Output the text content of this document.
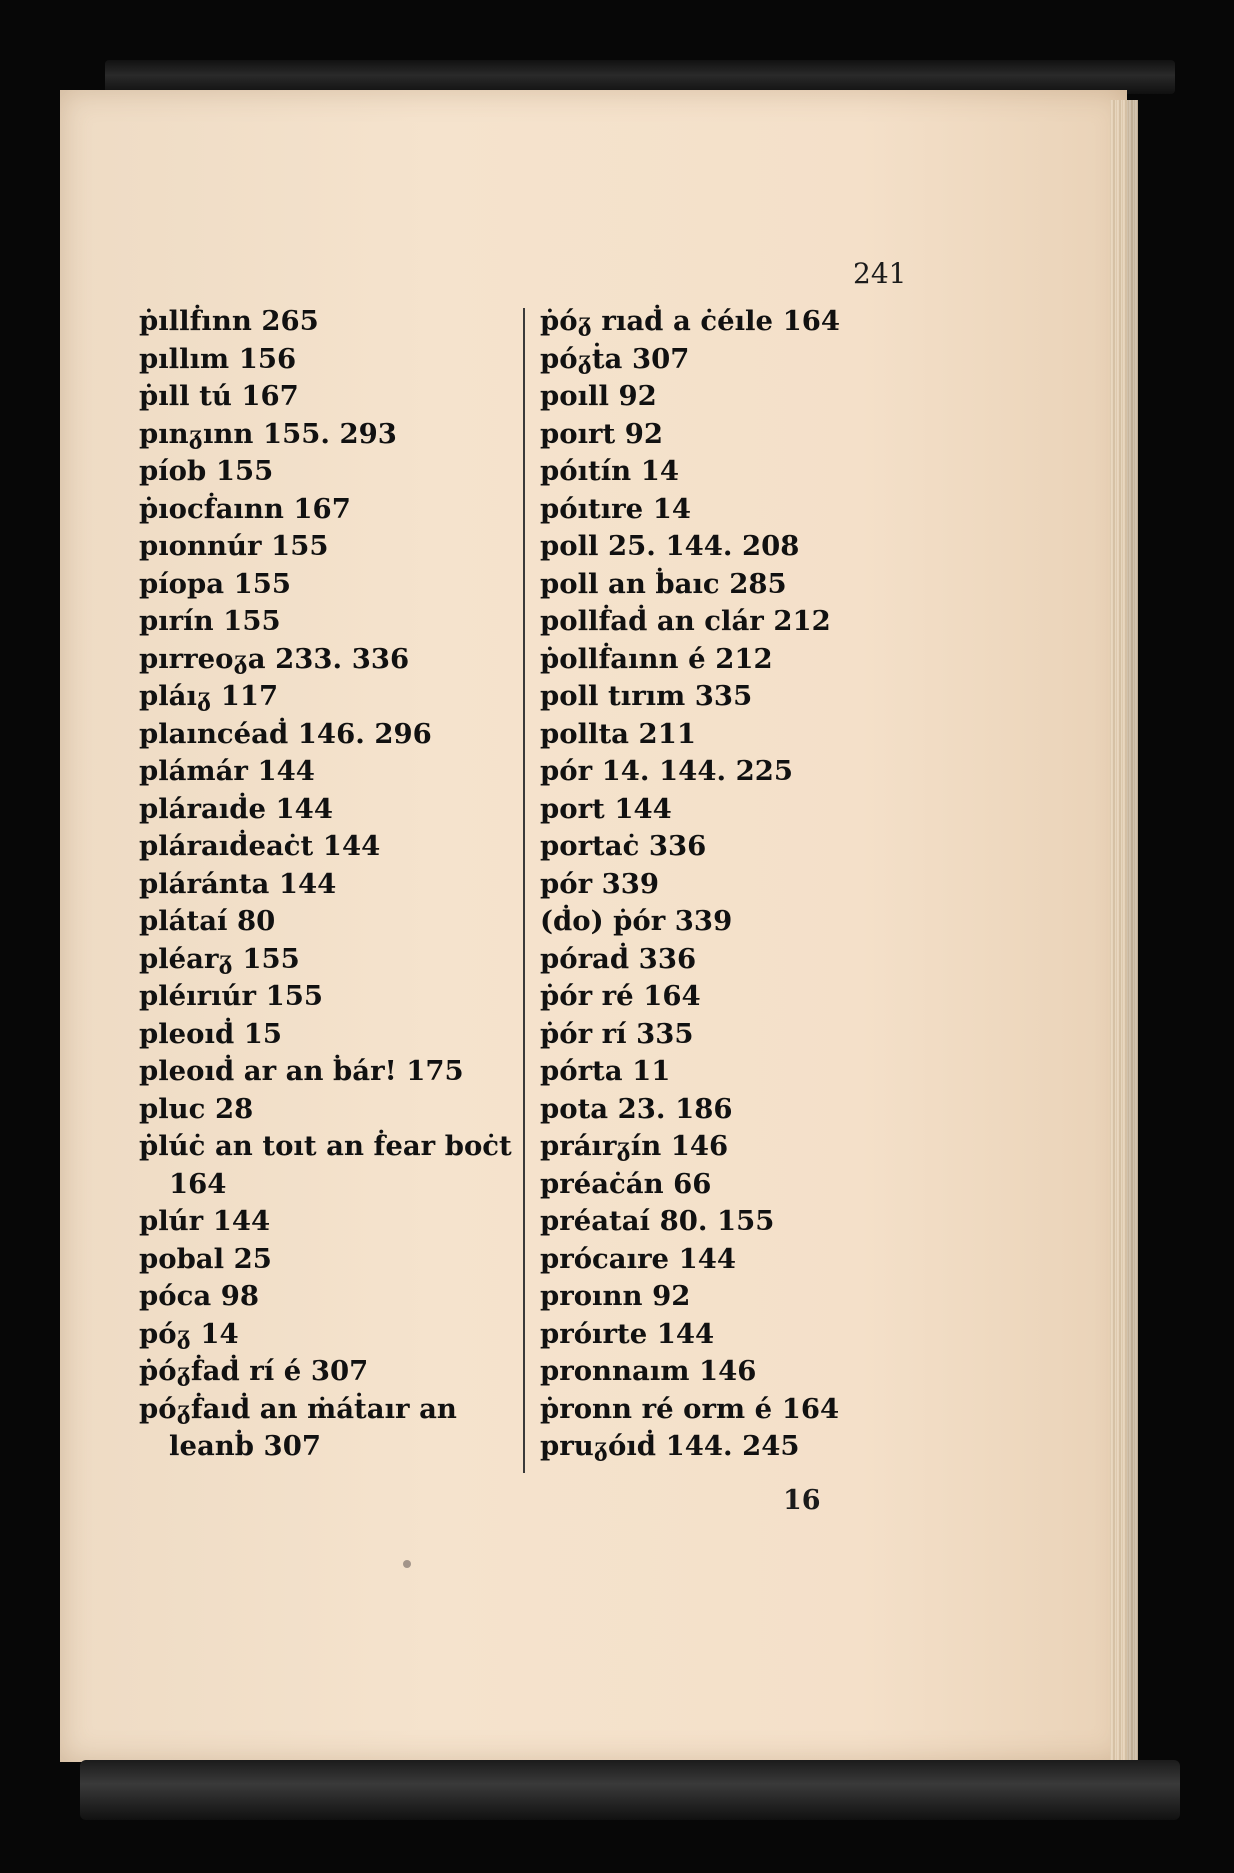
241
ṗıllḟınn 265
pıllım 156
ṗıll tú 167
pınᵹınn 155. 293
píob 155
ṗıocḟaınn 167
pıonnúr 155
píopa 155
pırín 155
pırreoᵹa 233. 336
pláıᵹ 117
plaıncéaḋ 146. 296
plámár 144
plárаıḋe 144
plárаıḋeaċt 144
pláránta 144
plátaí 80
pléarᵹ 155
pléırıúr 155
pleoıḋ 15
pleoıḋ ar an ḃár! 175
pluc 28
ṗlúċ an toıt an ḟear boċt 164
plúr 144
pobal 25
póca 98
póᵹ 14
ṗóᵹḟaḋ rí é 307
póᵹḟaıḋ an ṁáṫaır an leanḃ 307
ṗóᵹ rıaḋ a ċéıle 164
póᵹṫa 307
poıll 92
poırt 92
póıtín 14
póıtıre 14
poll 25. 144. 208
poll an ḃaıc 285
pollḟaḋ an clár 212
ṗollḟaınn é 212
poll tırım 335
pollta 211
pór 14. 144. 225
port 144
portaċ 336
pór 339
(ḋo) ṗór 339
póraḋ 336
ṗór ré 164
ṗór rí 335
pórta 11
pota 23. 186
práırᵹín 146
préaċán 66
préataí 80. 155
prócaıre 144
proınn 92
próırte 144
pronnaım 146
ṗronn ré orm é 164
pruᵹóıḋ 144. 245
16
